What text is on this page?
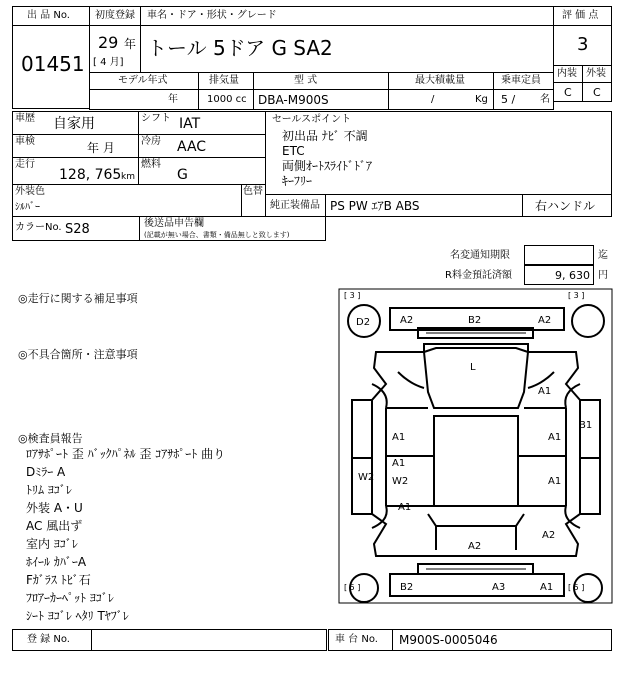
出 品 No.
01451
初度登録
29 年
[ 4 月]
車名・ドア・形状・グレード
トール 5ドア G SA2
評 価 点
3
内装 外装
C C
モデル年式
年
排気量
1000 cc
型 式
DBA-M900S
最大積載量
/	Kg
乗車定員
5 / 名
車歴 自家用	シフト IAT
車検	年 月	冷房 AAC
走行
128, 765 km
燃料
G
セールスポイント
初出品 ﾅﾋﾞ 不調
ETC
両側ｵｰﾄｽﾗｲﾄﾞﾄﾞｱ
ｷｰﾌﾘｰ
外装色
ｼﾙﾊﾞｰ
色替
純正装備品 PS PW ｴｱB ABS	右ハンドル
カラーNo. S28	後送品申告欄
(記載が無い場合、書類・備品無しと致します)
名変通知期限	迄
R料金預託済額	9, 630 円
◎走行に関する補足事項
◎不具合箇所・注意事項
◎検査員報告
ﾛｱｻﾎﾟｰﾄ 歪 ﾊﾞｯｸﾊﾟﾈﾙ 歪 ｺｱｻﾎﾟｰﾄ 曲り
Dﾐﾗｰ A
ﾄﾘﾑ ﾖｺﾞﾚ
外装 A・U
AC 風出ず
室内 ﾖｺﾞﾚ
ﾎｲｰﾙ ｶﾊﾞｰA
Fｶﾞﾗｽ ﾄﾋﾞ石
ﾌﾛｱｰｶｰﾍﾟｯﾄ ﾖｺﾞﾚ
ｼｰﾄ ﾖｺﾞﾚ ﾍﾀﾘ Tﾔﾌﾞﾚ
[ 3 ]	[ 3 ]
[ 5 ]	[ 5 ]
D2	A2	B2	A2
L
A1
B1
A1	A1
A1
W2	A1
W2
A1
A2
A2
B2	A3	A1
登 録 No.	車 台 No. M900S-0005046
